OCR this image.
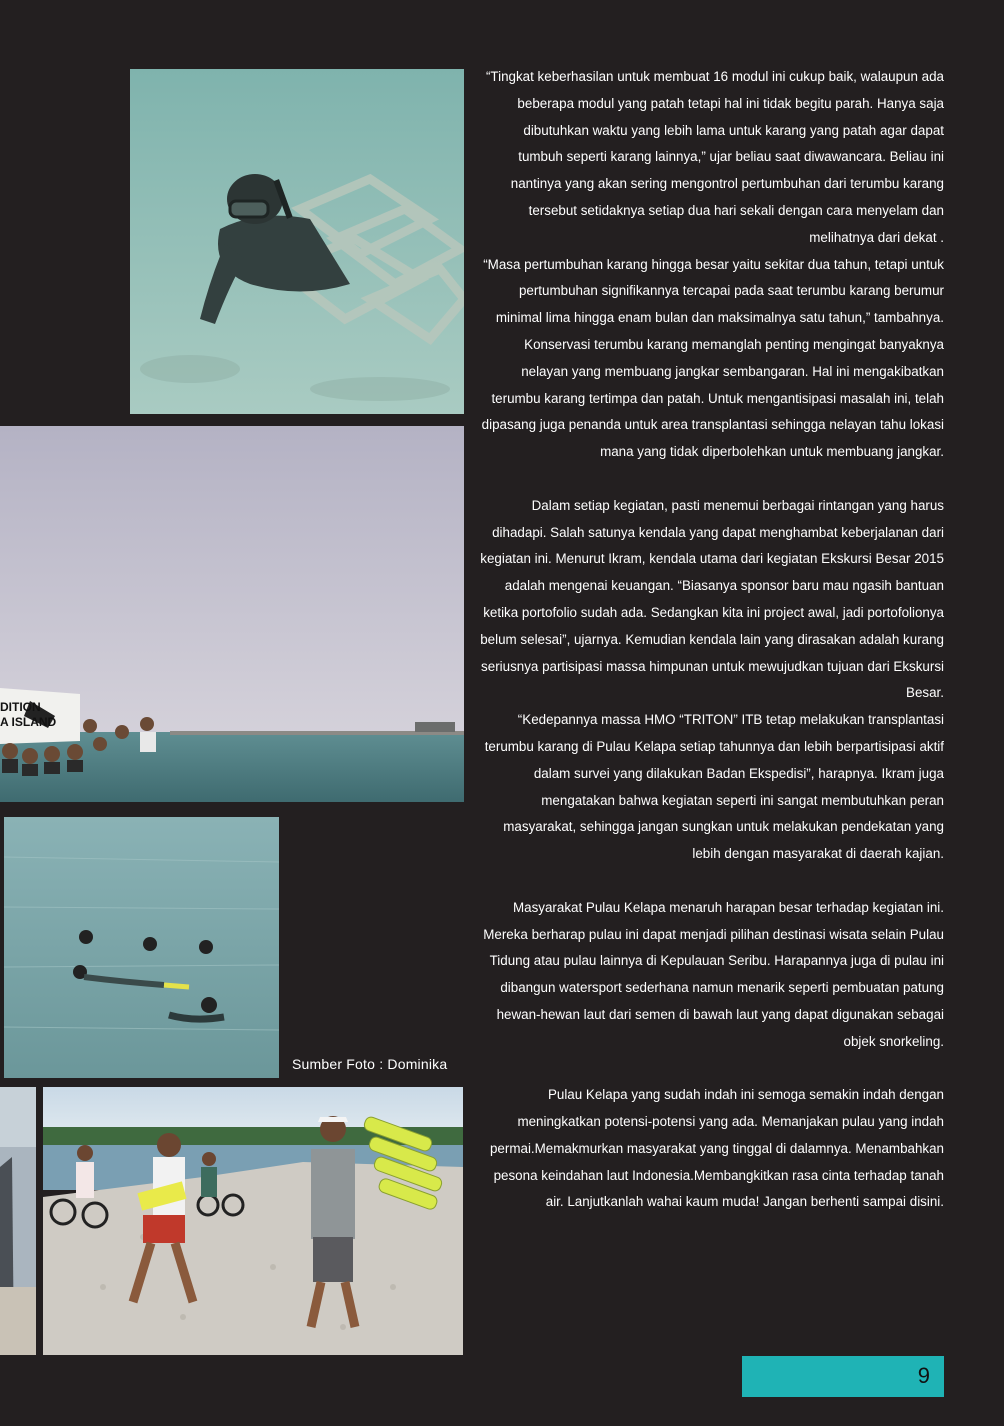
DITION
A ISLAND
Sumber Foto : Dominika

“Tingkat keberhasilan untuk membuat 16 modul ini cukup baik, walaupun ada beberapa modul yang patah tetapi hal ini tidak begitu parah. Hanya saja dibutuhkan waktu yang lebih lama untuk karang yang patah agar dapat tumbuh seperti karang lainnya,” ujar beliau saat diwawancara. Beliau ini nantinya yang akan sering mengontrol pertumbuhan dari terumbu karang tersebut setidaknya setiap dua hari sekali dengan cara menyelam dan melihatnya dari dekat .

“Masa pertumbuhan karang hingga besar yaitu sekitar dua tahun, tetapi untuk pertumbuhan signifikannya tercapai pada saat terumbu karang berumur minimal lima hingga enam bulan dan maksimalnya satu tahun,” tambahnya. Konservasi terumbu karang memanglah penting mengingat banyaknya nelayan yang membuang jangkar sembangaran. Hal ini mengakibatkan terumbu karang tertimpa dan patah. Untuk mengantisipasi masalah ini, telah dipasang juga penanda untuk area transplantasi sehingga nelayan tahu lokasi mana yang tidak diperbolehkan untuk membuang jangkar.

Dalam setiap kegiatan, pasti menemui berbagai rintangan yang harus dihadapi. Salah satunya kendala yang dapat menghambat keberjalanan dari kegiatan ini. Menurut Ikram, kendala utama dari kegiatan Ekskursi Besar 2015 adalah mengenai keuangan. “Biasanya sponsor baru mau ngasih bantuan ketika portofolio sudah ada. Sedangkan kita ini project awal, jadi portofolionya belum selesai”, ujarnya. Kemudian kendala lain yang dirasakan adalah kurang seriusnya partisipasi massa himpunan untuk mewujudkan tujuan dari Ekskursi Besar.

“Kedepannya massa HMO “TRITON” ITB tetap melakukan transplantasi terumbu karang di Pulau Kelapa setiap tahunnya dan lebih berpartisipasi aktif dalam survei yang dilakukan Badan Ekspedisi”, harapnya. Ikram juga mengatakan bahwa kegiatan seperti ini sangat membutuhkan peran masyarakat, sehingga jangan sungkan untuk melakukan pendekatan yang lebih dengan masyarakat di daerah kajian.

Masyarakat Pulau Kelapa menaruh harapan besar terhadap kegiatan ini. Mereka berharap pulau ini dapat menjadi pilihan destinasi wisata selain Pulau Tidung atau pulau lainnya di Kepulauan Seribu. Harapannya juga di pulau ini dibangun watersport sederhana namun menarik seperti pembuatan patung hewan-hewan laut dari semen di bawah laut yang dapat digunakan sebagai objek snorkeling.

Pulau Kelapa yang sudah indah ini semoga semakin indah dengan meningkatkan potensi-potensi yang ada. Memanjakan pulau yang indah permai.Memakmurkan masyarakat yang tinggal di dalamnya. Menambahkan pesona keindahan laut Indonesia.Membangkitkan rasa cinta terhadap tanah air. Lanjutkanlah wahai kaum muda! Jangan berhenti sampai disini.

9
